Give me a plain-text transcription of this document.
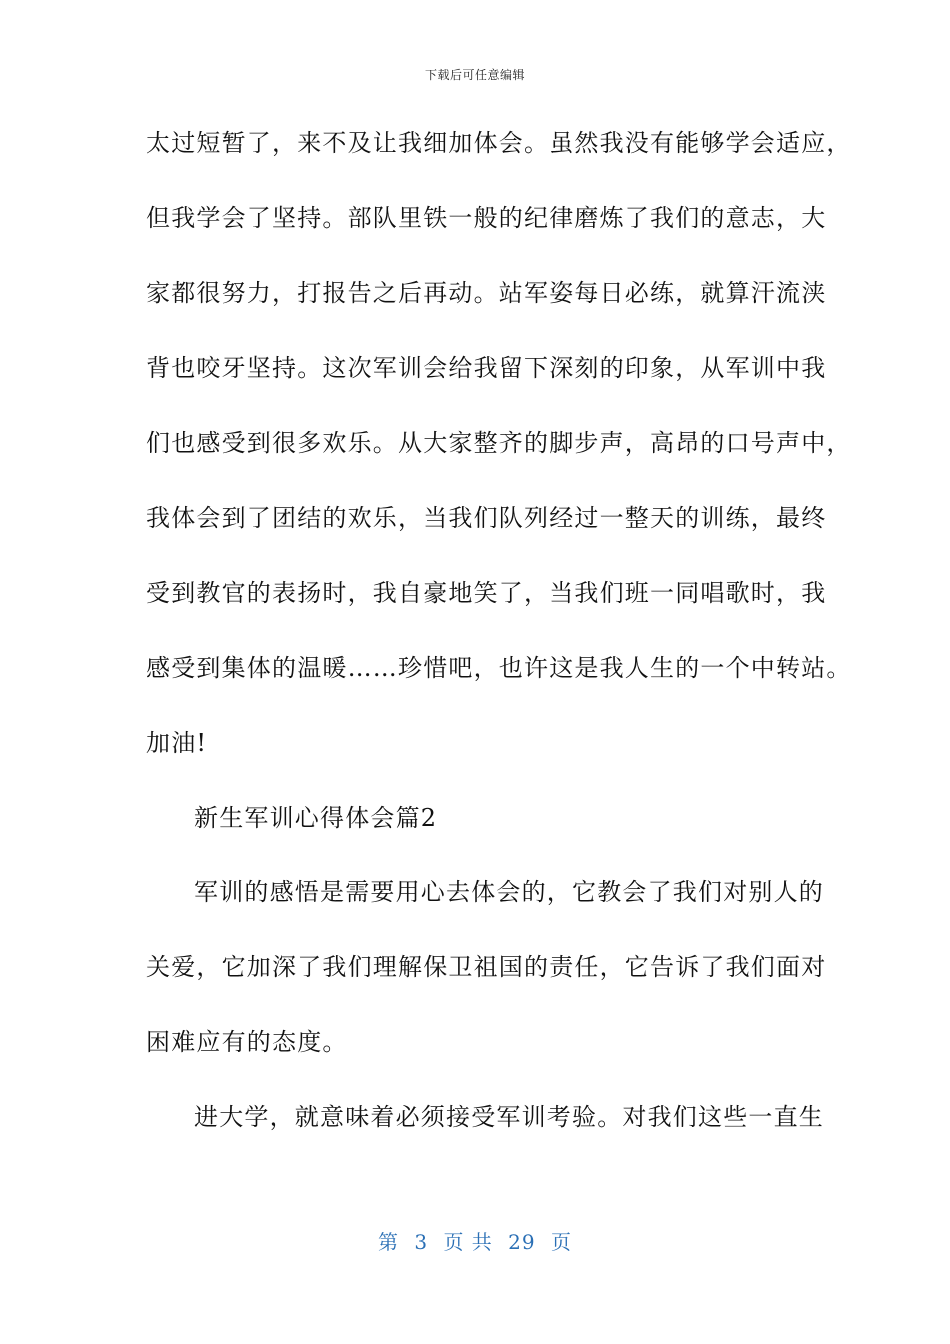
下载后可任意编辑
太过短暂了，来不及让我细加体会。虽然我没有能够学会适应，
但我学会了坚持。部队里铁一般的纪律磨炼了我们的意志，大
家都很努力，打报告之后再动。站军姿每日必练，就算汗流浃
背也咬牙坚持。这次军训会给我留下深刻的印象，从军训中我
们也感受到很多欢乐。从大家整齐的脚步声，高昂的口号声中，
我体会到了团结的欢乐，当我们队列经过一整天的训练，最终
受到教官的表扬时，我自豪地笑了，当我们班一同唱歌时，我
感受到集体的温暖……珍惜吧，也许这是我人生的一个中转站。
加油!
新生军训心得体会篇2
军训的感悟是需要用心去体会的，它教会了我们对别人的
关爱，它加深了我们理解保卫祖国的责任，它告诉了我们面对
困难应有的态度。
进大学，就意味着必须接受军训考验。对我们这些一直生
第 3 页 共 29 页
